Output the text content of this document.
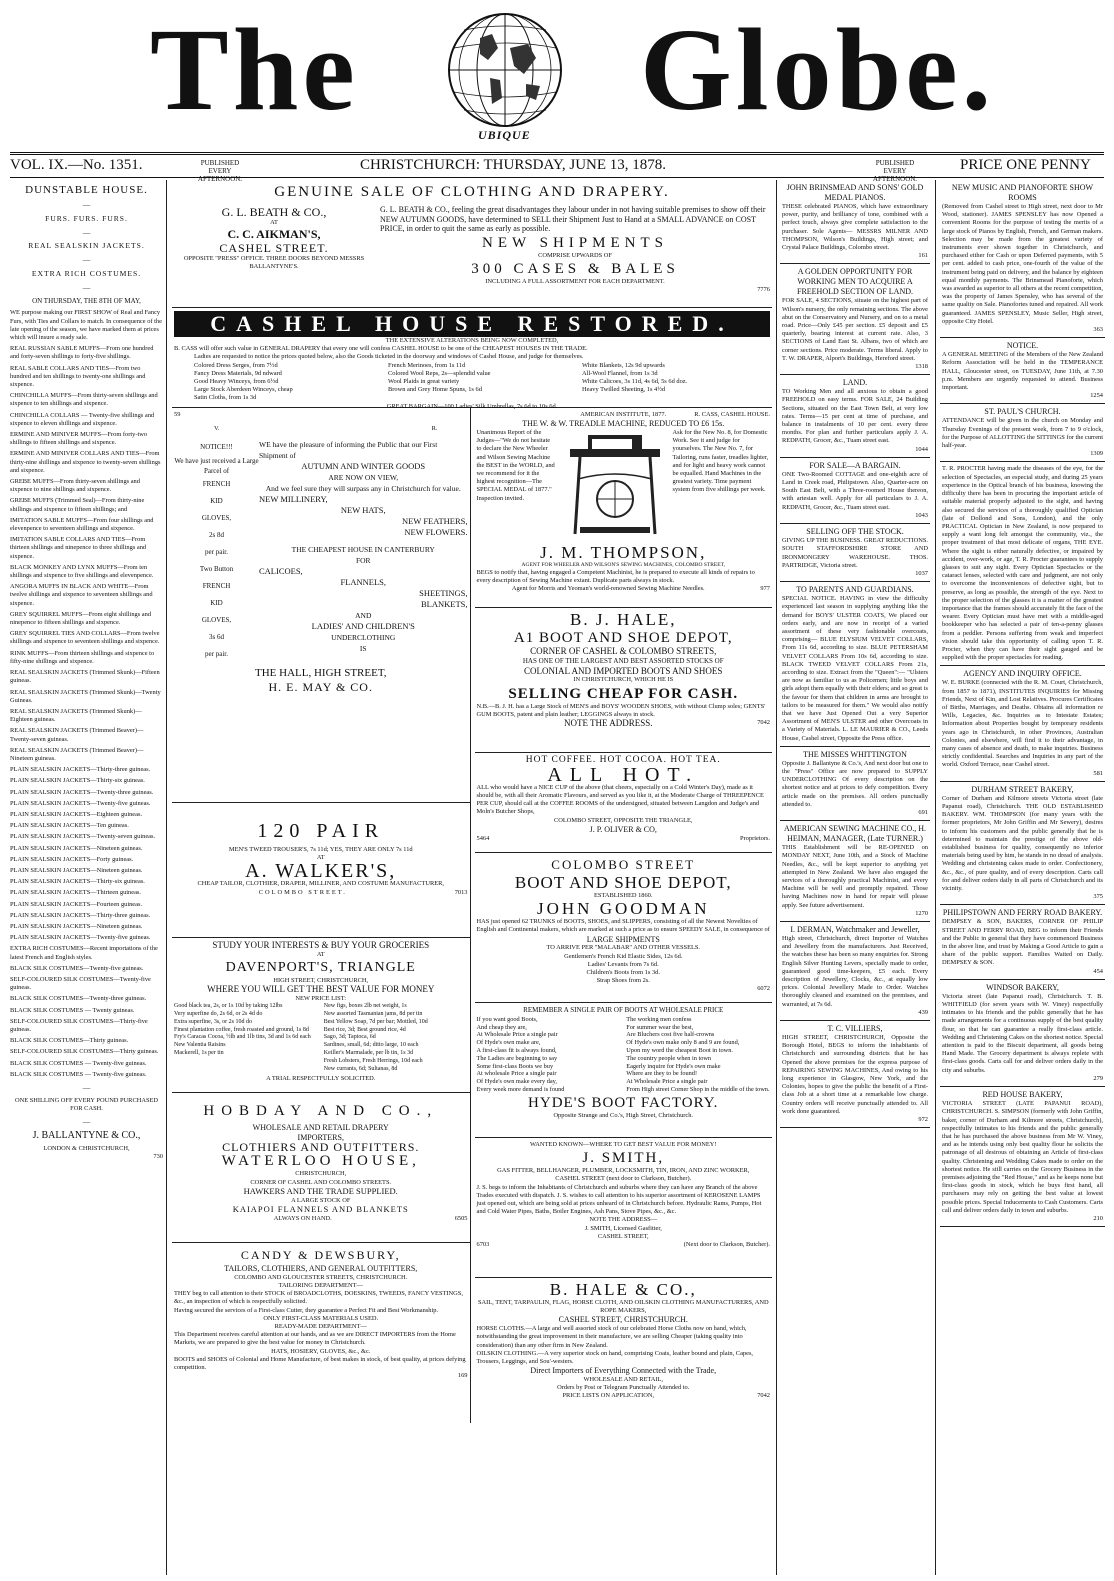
The	UBIQUE Globe.
VOL. IX.—No. 1351.	PUBLISHED EVERY AFTERNOON.
CHRISTCHURCH: THURSDAY, JUNE 13, 1878.	PUBLISHED EVERY AFTERNOON.
PRICE ONE PENNY
DUNSTABLE HOUSE.
—
FURS. FURS. FURS.
—
REAL SEALSKIN JACKETS.
—
EXTRA RICH COSTUMES.
—
ON THURSDAY, THE 8TH OF MAY,
WE purpose making our FIRST SHOW of Real and Fancy Furs, with Ties and Collars to match. In consequence of the late opening of the season, we have marked them at prices which will insure a ready sale.
REAL RUSSIAN SABLE MUFFS—From one hundred and forty-seven shillings to forty-five shillings.
REAL SABLE COLLARS AND TIES—From two hundred and ten shillings to twenty-one shillings and sixpence.
CHINCHILLA MUFFS—From thirty-seven shillings and sixpence to ten shillings and sixpence.
CHINCHILLA COLLARS — Twenty-five shillings and sixpence to eleven shillings and sixpence.
ERMINE AND MINIVER MUFFS—From forty-two shillings to fifteen shillings and sixpence.
ERMINE AND MINIVER COLLARS AND TIES—From thirty-nine shillings and sixpence to twenty-seven shillings and sixpence.
GREBE MUFFS—From thirty-seven shillings and sixpence to nine shillings and sixpence.
GREBE MUFFS (Trimmed Seal)—From thirty-nine shillings and sixpence to fifteen shillings; and
IMITATION SABLE MUFFS—From four shillings and elevenpence to seventeen shillings and sixpence.
IMITATION SABLE COLLARS AND TIES—From thirteen shillings and ninepence to three shillings and sixpence.
BLACK MONKEY AND LYNX MUFFS—From ten shillings and sixpence to five shillings and elevenpence.
ANGORA MUFFS IN BLACK AND WHITE—From twelve shillings and sixpence to seventeen shillings and sixpence.
GREY SQUIRREL MUFFS—From eight shillings and ninepence to fifteen shillings and sixpence.
GREY SQUIRREL TIES AND COLLARS—From twelve shillings and sixpence to seventeen shillings and sixpence.
RINK MUFFS—From thirteen shillings and sixpence to fifty-nine shillings and sixpence.
REAL SEALSKIN JACKETS (Trimmed Skunk)—Fifteen guineas.
REAL SEALSKIN JACKETS (Trimmed Skunk)—Twenty Guineas.
REAL SEALSKIN JACKETS (Trimmed Skunk)—Eighteen guineas.
REAL SEALSKIN JACKETS (Trimmed Beaver)—Twenty-seven guineas.
REAL SEALSKIN JACKETS (Trimmed Beaver)—Nineteen guineas.
PLAIN SEALSKIN JACKETS—Thirty-three guineas.
PLAIN SEALSKIN JACKETS—Thirty-six guineas.
PLAIN SEALSKIN JACKETS—Twenty-three guineas.
PLAIN SEALSKIN JACKETS—Twenty-five guineas.
PLAIN SEALSKIN JACKETS—Eighteen guineas.
PLAIN SEALSKIN JACKETS—Ten guineas.
PLAIN SEALSKIN JACKETS—Twenty-seven guineas.
PLAIN SEALSKIN JACKETS—Nineteen guineas.
PLAIN SEALSKIN JACKETS—Forty guineas.
PLAIN SEALSKIN JACKETS—Nineteen guineas.
PLAIN SEALSKIN JACKETS—Thirty-six guineas.
PLAIN SEALSKIN JACKETS—Thirteen guineas.
PLAIN SEALSKIN JACKETS—Fourteen guineas.
PLAIN SEALSKIN JACKETS—Thirty-three guineas.
PLAIN SEALSKIN JACKETS—Nineteen guineas.
PLAIN SEALSKIN JACKETS—Twenty-five guineas.
EXTRA RICH COSTUMES—Recent importations of the latest French and English styles.
BLACK SILK COSTUMES—Twenty-five guineas.
SELF-COLOURED SILK COSTUMES—Twenty-five guineas.
BLACK SILK COSTUMES—Twenty-three guineas.
BLACK SILK COSTUMES — Twenty guineas.
SELF-COLOURED SILK COSTUMES—Thirty-five guineas.
BLACK SILK COSTUMES—Thirty guineas.
SELF-COLOURED SILK COSTUMES—Thirty guineas.
BLACK SILK COSTUMES — Twenty-five guineas.
BLACK SILK COSTUMES — Twenty-five guineas.
—
ONE SHILLING OFF EVERY POUND PURCHASED FOR CASH.
—
J. BALLANTYNE & CO.,
LONDON & CHRISTCHURCH,
730
GENUINE SALE OF CLOTHING AND DRAPERY.
G. L. BEATH & CO.,
AT
C. C. AIKMAN'S,
CASHEL STREET.
OPPOSITE "PRESS" OFFICE. THREE DOORS BEYOND MESSRS BALLANTYNE'S.
G. L. BEATH & CO., feeling the great disadvantages they labour under in not having suitable premises to show off their NEW AUTUMN GOODS, have determined to SELL their Shipment Just to Hand at a SMALL ADVANCE on COST PRICE, in order to quit the same as early as possible.
NEW SHIPMENTS
COMPRISE UPWARDS OF
300 CASES & BALES
INCLUDING A FULL ASSORTMENT FOR EACH DEPARTMENT.
7776
CASHEL HOUSE RESTORED.
THE EXTENSIVE ALTERATIONS BEING NOW COMPLETED,
B. CASS will offer such value in GENERAL DRAPERY that every one will confess CASHEL HOUSE to be one of the CHEAPEST HOUSES IN THE TRADE.
Ladies are requested to notice the prices quoted below, also the Goods ticketed in the doorway and windows of Cashel House, and judge for themselves.
Colored Dress Serges, from 7½d
Fancy Dress Materials, 9d ndward
Good Heavy Winceys, from 6½d
Large Stock Aberdeen Winceys, cheap
Satin Cloths, from 1s 3d
French Merinoes, from 1s 11d
Colored Wool Reps, 2s—splendid value
Wool Plaids in great variety
Brown and Grey Home Spuns, 1s 6d
White Blankets, 12s 9d upwards
All-Wool Flannel, from 1s 3d
White Calicoes, 3s 11d, 4s 6d, 5s 6d doz.
Heavy Twilled Sheeting, 1s 4½d
GREAT BARGAIN—100 Ladies' Silk Umbrellas, 7s 6d to 10s 6d.
59	R. CASS, CASHEL HOUSE.
V.	R.
NOTICE!!!
We have just received a Large Parcel of
FRENCH
KID
GLOVES,
2s 8d
per pair.
Two Button
FRENCH
KID
GLOVES,
3s 6d
per pair.
WE have the pleasure of informing the Public that our First Shipment of
AUTUMN AND WINTER GOODS
ARE NOW ON VIEW,
And we feel sure they will surpass any in Christchurch for value.
NEW MILLINERY,
NEW HATS,
NEW FEATHERS,
NEW FLOWERS.
THE CHEAPEST HOUSE IN CANTERBURY
FOR
CALICOES,
FLANNELS,
SHEETINGS,
BLANKETS,
AND
LADIES' AND CHILDREN'S
UNDERCLOTHING
IS
THE HALL, HIGH STREET,
H. E. MAY & CO.
120 PAIR
MEN'S TWEED TROUSER'S, 7s 11d; YES, THEY ARE ONLY 7s 11d
AT
A. WALKER'S,
CHEAP TAILOR, CLOTHIER, DRAPER, MILLINER, AND COSTUME MANUFACTURER,
COLOMBO STREET.	7013
STUDY YOUR INTERESTS & BUY YOUR GROCERIES
AT
DAVENPORT'S, TRIANGLE
HIGH STREET, CHRISTCHURCH,
WHERE YOU WILL GET THE BEST VALUE FOR MONEY
NEW PRICE LIST:
Good black tea, 2s, or 1s 10d by taking 12lbs
Very superfine do, 2s 6d, or 2s 4d do
Extra superfine, 3s, or 2s 10d do
Finest plantation coffee, fresh roasted and ground, 1s 8d
Fry's Caracas Cocoa, ½lb and 1lb tins, 3d and 1s 6d each
New Valentia Raisins
Mackerell, 1s per tin
New figs, boxes 2lb net weight, 1s
New assorted Tasmanian jams, 8d per tin
Best Yellow Soap, 7d per bar; Mottled, 10d
Best rice, 3d; Best ground rice, 4d
Sago, 3d; Tapioca, 6d
Sardines, small, 6d; ditto large, 10 each
Keiller's Marmalade, per lb tin, 1s 3d
Fresh Lobsters, Fresh Herrings, 10d each
New currants, 6d; Sultanas, 8d
A TRIAL RESPECTFULLY SOLICITED.
HOBDAY AND CO.,
WHOLESALE AND RETAIL DRAPERY
IMPORTERS,
CLOTHIERS AND OUTFITTERS.
WATERLOO HOUSE,
CHRISTCHURCH,
CORNER OF CASHEL AND COLOMBO STREETS.
HAWKERS AND THE TRADE SUPPLIED.
A LARGE STOCK OF
KAIAPOI FLANNELS AND BLANKETS
ALWAYS ON HAND.	6505
CANDY & DEWSBURY,
TAILORS, CLOTHIERS, AND GENERAL OUTFITTERS,
COLOMBO AND GLOUCESTER STREETS, CHRISTCHURCH.
TAILORING DEPARTMENT—
THEY beg to call attention to their STOCK of BROADCLOTHS, DOESKINS, TWEEDS, FANCY VESTINGS, &c., an inspection of which is respectfully solicited.
Having secured the services of a First-class Cutter, they guarantee a Perfect Fit and Best Workmanship.
ONLY FIRST-CLASS MATERIALS USED.
READY-MADE DEPARTMENT—
This Department receives careful attention at our hands, and as we are DIRECT IMPORTERS from the Home Markets, we are prepared to give the best value for money in Christchurch.
HATS, HOSIERY, GLOVES, &c., &c.
BOOTS and SHOES of Colonial and Home Manufacture, of best makes in stock, of best quality, at prices defying competition.
169
AMERICAN INSTITUTE, 1877.
THE W. & W. TREADLE MACHINE, REDUCED TO £6 15s.
Unanimous Report of the Judges—"We do not hesitate to declare the New Wheeler and Wilson Sewing Machine the BEST in the WORLD, and we recommend for it the highest recognition—The SPECIAL MEDAL of 1877." Inspection invited.
Ask for the New No. 8, for Domestic Work. See it and judge for yourselves. The New No. 7, for Tailoring, runs faster, treadles lighter, and for light and heavy work cannot be equalled. Hand Machines in the greatest variety. Time payment system from five shillings per week.
J. M. THOMPSON,
AGENT FOR WHEELER AND WILSON'S SEWING MACHINES, COLOMBO STREET,
BEGS to notify that, having engaged a Competent Machinist, he is prepared to execute all kinds of repairs to every description of Sewing Machine extant. Duplicate parts always in stock.
Agent for Morris and Yeoman's world-renowned Sewing Machine Needles.	977
B. J. HALE,
A1 BOOT AND SHOE DEPOT,
CORNER OF CASHEL & COLOMBO STREETS,
HAS ONE OF THE LARGEST AND BEST ASSORTED STOCKS OF
COLONIAL AND IMPORTED BOOTS AND SHOES
IN CHRISTCHURCH, WHICH HE IS
SELLING CHEAP FOR CASH.
N.B.—B. J. H. has a Large Stock of MEN'S and BOYS' WOODEN SHOES, with without Clump soles; GENTS' GUM BOOTS, patent and plain leather; LEGGINGS always in stock.
NOTE THE ADDRESS.	7042
HOT COFFEE. HOT COCOA. HOT TEA.
ALL HOT.
ALL who would have a NICE CUP of the above (that cheers, especially on a Cold Winter's Day), made as it should be, with all their Aromatic Flavours, and served as you like it, at the Moderate Charge of THREEPENCE PER CUP, should call at the COFFEE ROOMS of the undersigned, situated between Langdon and Judge's and Moln's Butcher Shops,
COLOMBO STREET, OPPOSITE THE TRIANGLE,
J. P. OLIVER & CO,
5464	Proprietors.
COLOMBO STREET
BOOT AND SHOE DEPOT,
ESTABLISHED 1860.
JOHN GOODMAN
HAS just opened 62 TRUNKS of BOOTS, SHOES, and SLIPPERS, consisting of all the Newest Novelties of English and Continental makers, which are marked at such a price as to ensure SPEEDY SALE, in consequence of
LARGE SHIPMENTS
TO ARRIVE PER "MALABAR" AND OTHER VESSELS.
Gentlemen's French Kid Elastic Sides, 12s 6d.
Ladies' Levants from 7s 6d.
Children's Boots from 1s 3d.
Strap Shoes from 2s.
6072
REMEMBER A SINGLE PAIR OF BOOTS AT WHOLESALE PRICE
If you want good Boots,
And cheap they are,
At Wholesale Price a single pair
Of Hyde's own make are,
A first-class fit is always found,
The Ladies are beginning to say
Some first-class Boots we buy
At wholesale Price a single pair
Of Hyde's own make every day,
Every week more demand is found
The working men confess
For summer wear the best,
Are Bluchers cost five half-crowns
Of Hyde's own make only 8 and 9 are found,
Upon my word the cheapest Boot in town.
The country people when in town
Eagerly inquire for Hyde's own make
Where are they to be found!
At Wholesale Price a single pair
From High street Corner Shop in the middle of the town.
HYDE'S BOOT FACTORY.
Opposite Strange and Co.'s, High Street, Christchurch.
WANTED KNOWN—WHERE TO GET BEST VALUE FOR MONEY!
J. SMITH,
GAS FITTER, BELLHANGER, PLUMBER, LOCKSMITH, TIN, IRON, AND ZINC WORKER,
CASHEL STREET (next door to Clarkson, Butcher).
J. S. begs to inform the Inhabitants of Christchurch and suburbs where they can have any Branch of the above Trades executed with dispatch. J. S. wishes to call attention to his superior assortment of KEROSENE LAMPS just opened out, which are being sold at prices unheard of in Christchurch before. Hydraulic Rams, Pumps, Hot and Cold Water Pipes, Baths, Boiler Engines, Ash Pans, Stove Pipes, &c., &c.
NOTE THE ADDRESS—
J. SMITH, Licensed Gasfitter,
CASHEL STREET,
6703	(Next door to Clarkson, Butcher).
B. HALE & CO.,
SAIL, TENT, TARPAULIN, FLAG, HORSE CLOTH, AND OILSKIN CLOTHING MANUFACTURERS, AND ROPE MAKERS,
CASHEL STREET, CHRISTCHURCH.
HORSE CLOTHS.—A large and well assorted stock of our celebrated Horse Cloths now on hand, which, notwithstanding the great improvement in their manufacture, we are selling Cheaper (taking quality into consideration) than any other firm in New Zealand.
OILSKIN CLOTHING.—A very superior stock on hand, comprising Coats, leather bound and plain, Capes, Trousers, Leggings, and Sou'-westers.
Direct Importers of Everything Connected with the Trade,
WHOLESALE AND RETAIL,
Orders by Post or Telegram Punctually Attended to.
PRICE LISTS ON APPLICATION,	7042
JOHN BRINSMEAD AND SONS' GOLD MEDAL PIANOS.
THESE celebrated PIANOS, which have extraordinary power, purity, and brilliancy of tone, combined with a perfect touch, always give complete satisfaction to the purchaser. Sole Agents— MESSRS MILNER AND THOMPSON, Wilson's Buildings, High street; and Crystal Palace Buildings, Colombo street.
161
A GOLDEN OPPORTUNITY FOR WORKING MEN TO ACQUIRE A FREEHOLD SECTION OF LAND.
FOR SALE, 4 SECTIONS, situate on the highest part of Wilson's nursery, the only remaining sections. The above abut on the Conservatory and Nursery, and on to a metal road. Price—Only £45 per section. £5 deposit and £5 quarterly, bearing interest at current rate. Also, 3 SECTIONS of Land East St. Albans, two of which are corner sections. Price moderate. Terms liberal. Apply to T. W. DRAPER, Alport's Buildings, Hereford street.
1318
LAND.
TO Working Men and all anxious to obtain a good FREEHOLD on easy terms. FOR SALE, 24 Building Sections, situated on the East Town Belt, at very low rates. Terms—15 per cent at time of purchase, and balance in instalments of 10 per cent. every three months. For plan and further particulars apply J. A. REDPATH, Grocer, &c., Tuam street east.
1044
FOR SALE—A BARGAIN.
ONE Two-Roomed COTTAGE and one-eighth acre of Land in Creek road, Philipstown. Also, Quarter-acre on South East Belt, with a Three-roomed House thereon, with artesian well. Apply for all particulars to J. A. REDPATH, Grocer, &c., Tuam street east.
1043
SELLING OFF THE STOCK.
GIVING UP THE BUSINESS. GREAT REDUCTIONS. SOUTH STAFFORDSHIRE STORE AND IRONMONGERY WAREHOUSE. THOS. PARTRIDGE, Victoria street.
1037
TO PARENTS AND GUARDIANS.
SPECIAL NOTICE. HAVING in view the difficulty experienced last season in supplying anything like the demand for BOYS' ULSTER COATS, We placed our orders early, and are now in receipt of a varied assortment of these very fashionable overcoats, comprising— BLUE ELYSIUM VELVET COLLARS, From 11s 6d, according to size. BLUE PETERSHAM VELVET COLLARS From 10s 6d, according to size. BLACK TWEED VELVET COLLARS From 21s, according to size. Extract from the "Queen":— "Ulsters are now as familiar to us as Policemen; little boys and girls adopt them equally with their elders; and so great is the favour for them that children in arms are brought to tailors to be measured for them." We would also notify that we have Just Opened Out a very Superior Assortment of MEN'S ULSTER and other Overcoats in a Variety of Materials. L. LE MAURIER & CO., Leeds House, Cashel street, Opposite the Press office.
THE MISSES WHITTINGTON
Opposite J. Ballantyne & Co.'s, And next door but one to the "Press" Office are now prepared to SUPPLY UNDERCLOTHING Of every description on the shortest notice and at prices to defy competition. Every article made on the premises. All orders punctually attended to.
691
AMERICAN SEWING MACHINE CO., H. HEIMAN, MANAGER, (Late TURNER.)
THIS Establishment will be RE-OPENED on MONDAY NEXT, June 10th, and a Stock of Machine Needles, &c., will be kept superior to anything yet attempted in New Zealand. We have also engaged the services of a thoroughly practical Machinist, and every Machine will be well and promptly repaired. Those having Machines now in hand for repair will please apply. See future advertisement.
1270
I. DERMAN, Watchmaker and Jeweller,
High street, Christchurch, direct Importer of Watches and Jewellery from the manufacturers. Just Received, the watches these has been so many enquiries for. Strong English Silver Hunting Levers, specially made to order, guaranteed good time-keepers, £5 each. Every description of Jewellery, Clocks, &c., at equally low prices. Colonial Jewellery Made to Order. Watches thoroughly cleaned and examined on the premises, and warranted, at 7s 6d.
439
T. C. VILLIERS,
HIGH STREET, CHRISTCHURCH, Opposite the Borough Hotel, BEGS to inform the inhabitants of Christchurch and surrounding districts that he has Opened the above premises for the express purpose of REPAIRING SEWING MACHINES, And owing to his long experience in Glasgow, New York, and the Colonies, hopes to give the public the benefit of a First-class Job at a short time at a remarkable low charge. Country orders will receive punctually attended to. All work done guaranteed.
972
NEW MUSIC AND PIANOFORTE SHOW ROOMS
(Removed from Cashel street to High street, next door to Mr Wood, stationer). JAMES SPENSLEY has now Opened a convenient Rooms for the purpose of testing the merits of a large stock of Pianos by English, French, and German makers. Selection may be made from the greatest variety of instruments ever shown together in Christchurch, and purchased either for Cash or upon Deferred payments, with 5 per cent. added to cash price, one-fourth of the value of the instrument being paid on delivery, and the balance by eighteen equal monthly payments. The Brinsmead Pianoforte, which was awarded as superior to all others at the recent competition, was the property of James Spensley, who has several of the same quality on Sale. Pianofortes tuned and repaired. All work guaranteed. JAMES SPENSLEY, Music Seller, High street, opposite City Hotel.
363
NOTICE.
A GENERAL MEETING of the Members of the New Zealand Reform Association will be held in the TEMPERANCE HALL, Gloucester street, on TUESDAY, June 11th, at 7.30 p.m. Members are urgently requested to attend. Business important.
1254
ST. PAUL'S CHURCH.
ATTENDANCE will be given in the church on Monday and Thursday Evenings of the present week, from 7 to 9 o'clock, for the Purpose of ALLOTTING the SITTINGS for the current half-year.
1309
T. R. PROCTER having made the diseases of the eye, for the selection of Spectacles, an especial study, and during 25 years experience in the Optical branch of his business, knowing the difficulty there has been in procuring the important article of suitable material properly adjusted to the sight, and having also secured the services of a thoroughly qualified Optician (late of Dollond and Sons, London), and the only PRACTICAL Optician in New Zealand, is now prepared to supply a want long felt amongst the community, viz., the proper treatment of that most delicate of organs, THE EYE. Where the sight is either naturally defective, or impaired by accident, over-work, or age, T. R. Procter guarantees to supply glasses to suit any sight. Every Optician Spectacles or the cataract lenses, selected with care and judgment, are not only to overcome the inconveniences of defective sight, but to preserve, as long as possible, the strength of the eye. Next to the proper selection of the glasses it is a matter of the greatest importance that the frames should accurately fit the face of the wearer. Every Optician must have met with a middle-aged bookkeeper who has selected a pair of ten-a-penny glasses from a peddler. Persons suffering from weak and imperfect vision should take this opportunity of calling upon T. R. Procter, when they can have their sight gauged and be supplied with the proper spectacles for reading.
AGENCY AND INQUIRY OFFICE.
W. E. BURKE (connected with the R. M. Court, Christchurch, from 1857 to 1871), INSTITUTES INQUIRIES for Missing Friends, Next of Kin, and Lost Relatives. Procures Certificates of Births, Marriages, and Deaths. Obtains all information re Wills, Legacies, &c. Inquiries as to Intestate Estates; Information about Properties bought by temporary residents years ago in Christchurch, in other Provinces, Australian Colonies, and elsewhere, will find it to their advantage, in many cases of absence and death, to make inquiries. Business strictly confidential. Searches and Inquiries in any part of the world. Oxford Terrace, near Cashel street.
581
DURHAM STREET BAKERY,
Corner of Durham and Kilmore streets Victoria street (late Papanui road), Christchurch. THE OLD ESTABLISHED BAKERY. WM. THOMPSON (for many years with the former proprietors, Mr John Griffin and Mr Sewery), desires to inform his customers and the public generally that he is determined to maintain the prestige of the above old-established business for quality, consequently no inferior materials being used by him, he stands in no dread of analysis. Wedding and christening cakes made to order. Confectionery, &c., &c., of pure quality, and of every description. Carts call for and deliver orders daily in all parts of Christchurch and its vicinity.
375
PHILIPSTOWN AND FERRY ROAD BAKERY.
DEMPSEY & SON, BAKERS, CORNER OF PHILIP STREET AND FERRY ROAD, BEG to inform their Friends and the Public in general that they have commenced Business in the above line, and trust by Making a Good Article to gain a share of the public support. Families Waited on Daily. DEMPSEY & SON.
454
WINDSOR BAKERY,
Victoria street (late Papanui road), Christchurch. T. B. WHITFIELD (for seven years with W. Viney) respectfully intimates to his friends and the public generally that he has made arrangements for a continuous supply of the best quality flour, so that he can guarantee a really first-class article. Wedding and Christening Cakes on the shortest notice. Special attention is paid to the Biscuit department, all goods being Hand Made. The Grocery department is always replete with first-class goods. Carts call for and deliver orders daily in the city and suburbs.
279
RED HOUSE BAKERY,
VICTORIA STREET (LATE PAPANUI ROAD), CHRISTCHURCH. S. SIMPSON (formerly with John Griffin, baker, corner of Durham and Kilmore streets, Christchurch), respectfully intimates to his friends and the public generally that he has purchased the above business from Mr W. Viney, and as he intends using only best quality flour he solicits the patronage of all desirous of obtaining an Article of first-class quality. Christening and Wedding Cakes made to order on the shortest notice. He still carries on the Grocery Business in the premises adjoining the "Red House," and as he keeps none but first-class goods in stock, which he buys first hand, all purchasers may rely on getting the best value at lowest possible prices. Special Inducements to Cash Customers. Carts call and deliver orders daily in town and suburbs.
210
